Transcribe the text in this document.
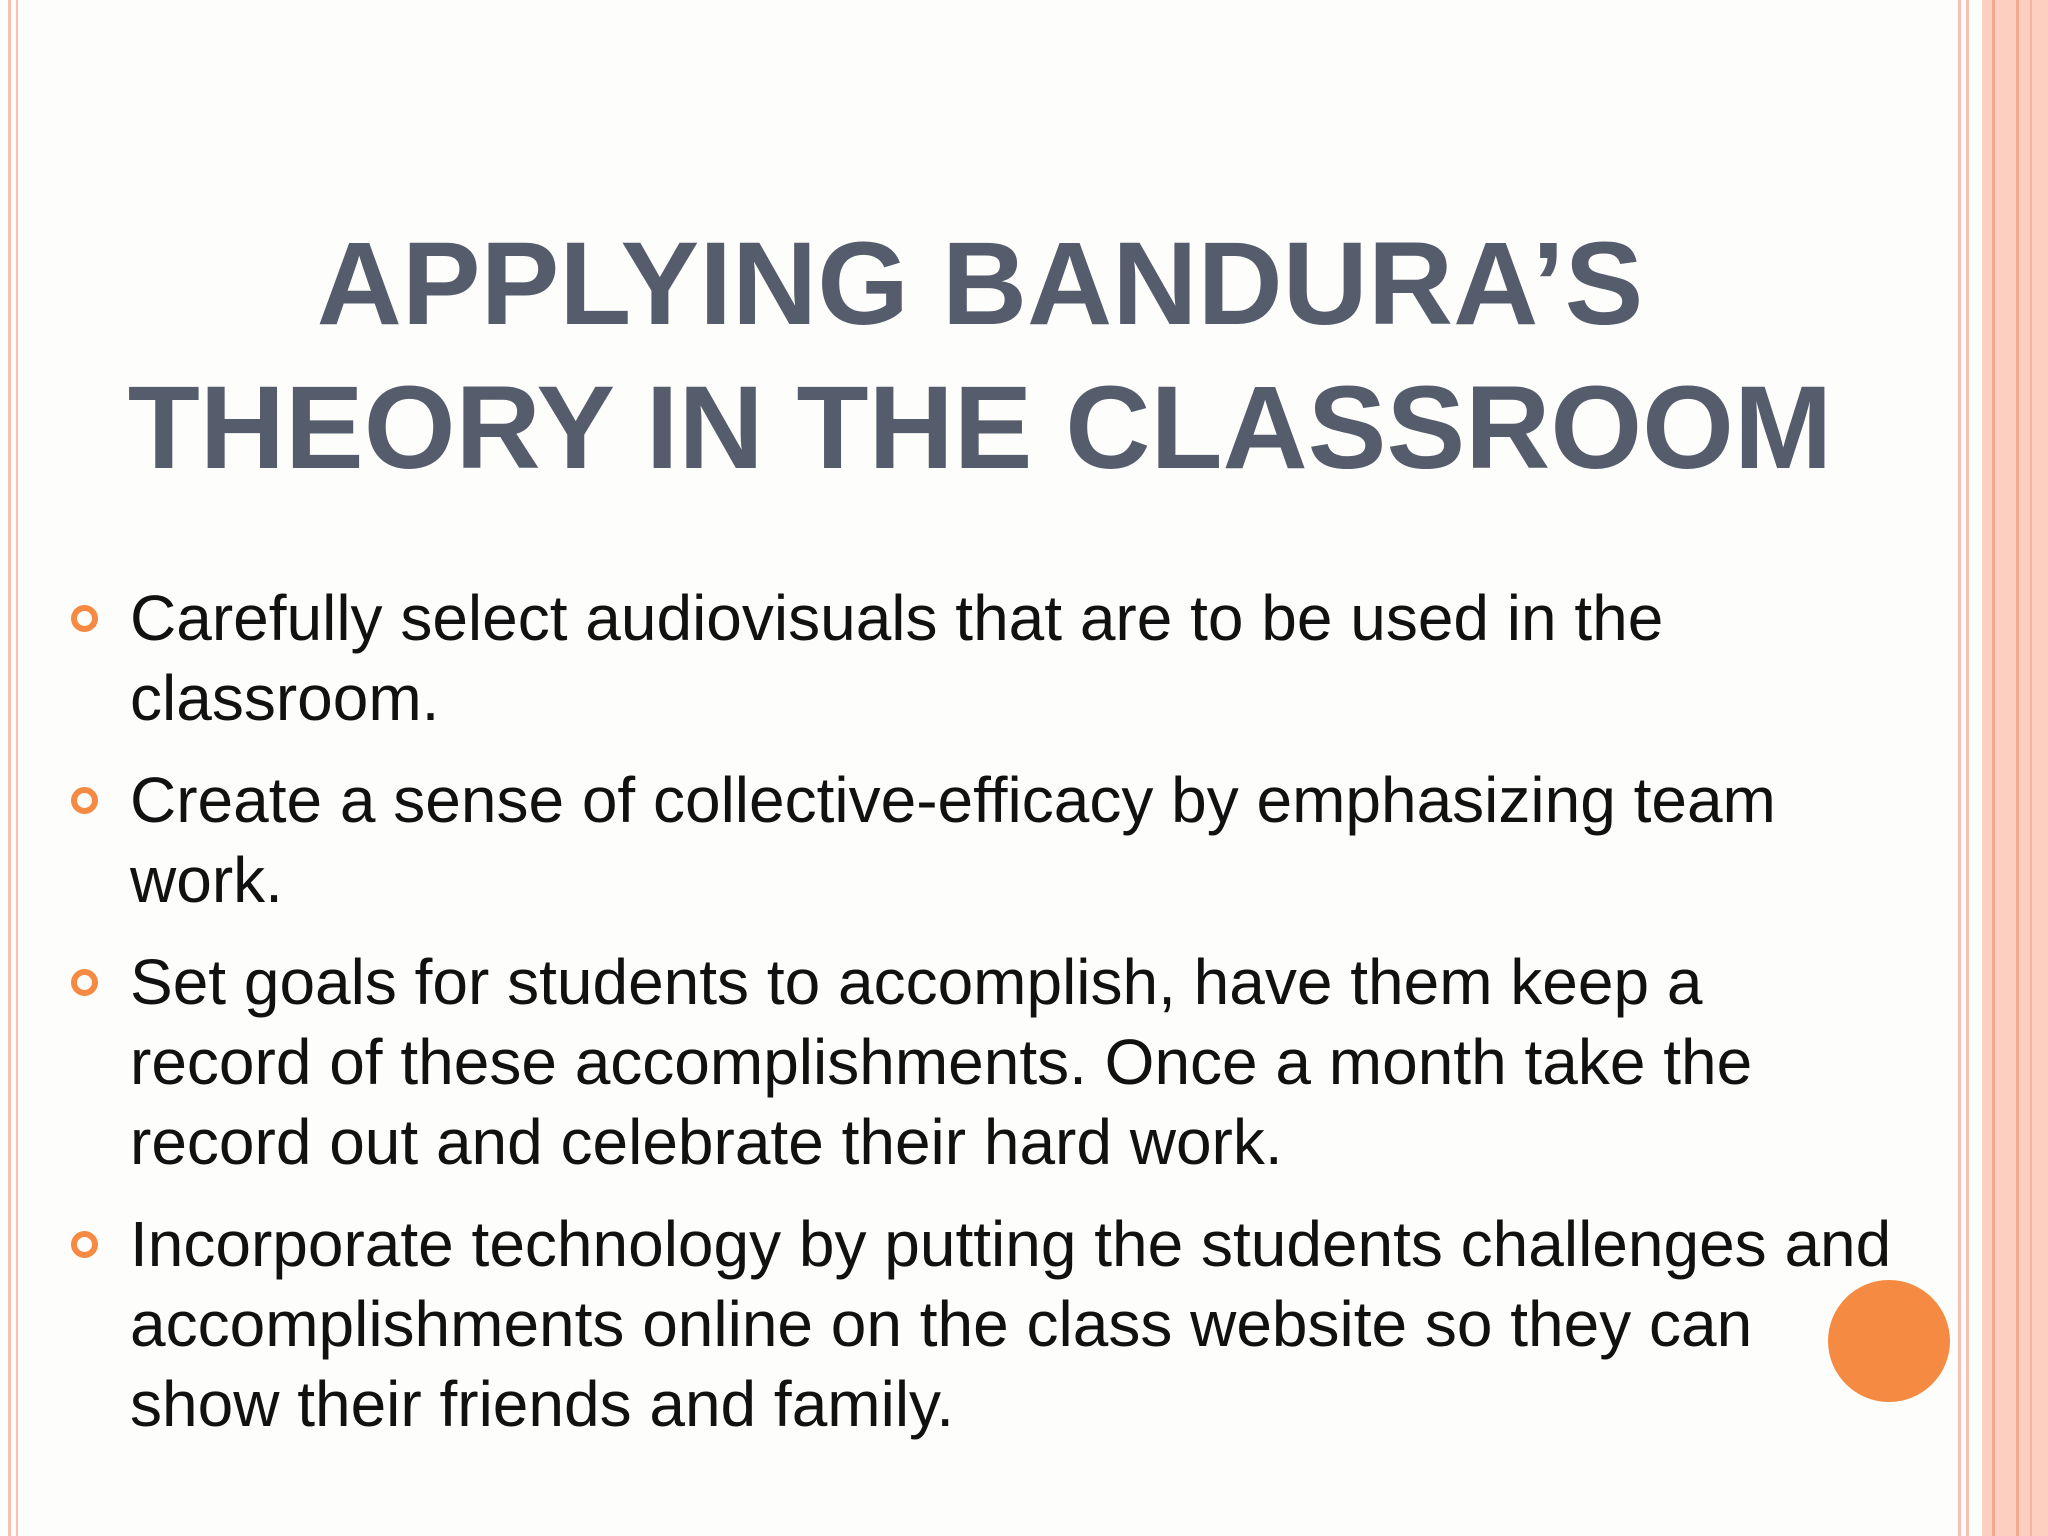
APPLYING BANDURA’S
THEORY IN THE CLASSROOM
Carefully select audiovisuals that are to be used in the classroom.
Create a sense of collective-efficacy by emphasizing team work.
Set goals for students to accomplish, have them keep a record of these accomplishments. Once a month take the record out and celebrate their hard work.
Incorporate technology by putting the students challenges and accomplishments online on the class website so they can show their friends and family.
